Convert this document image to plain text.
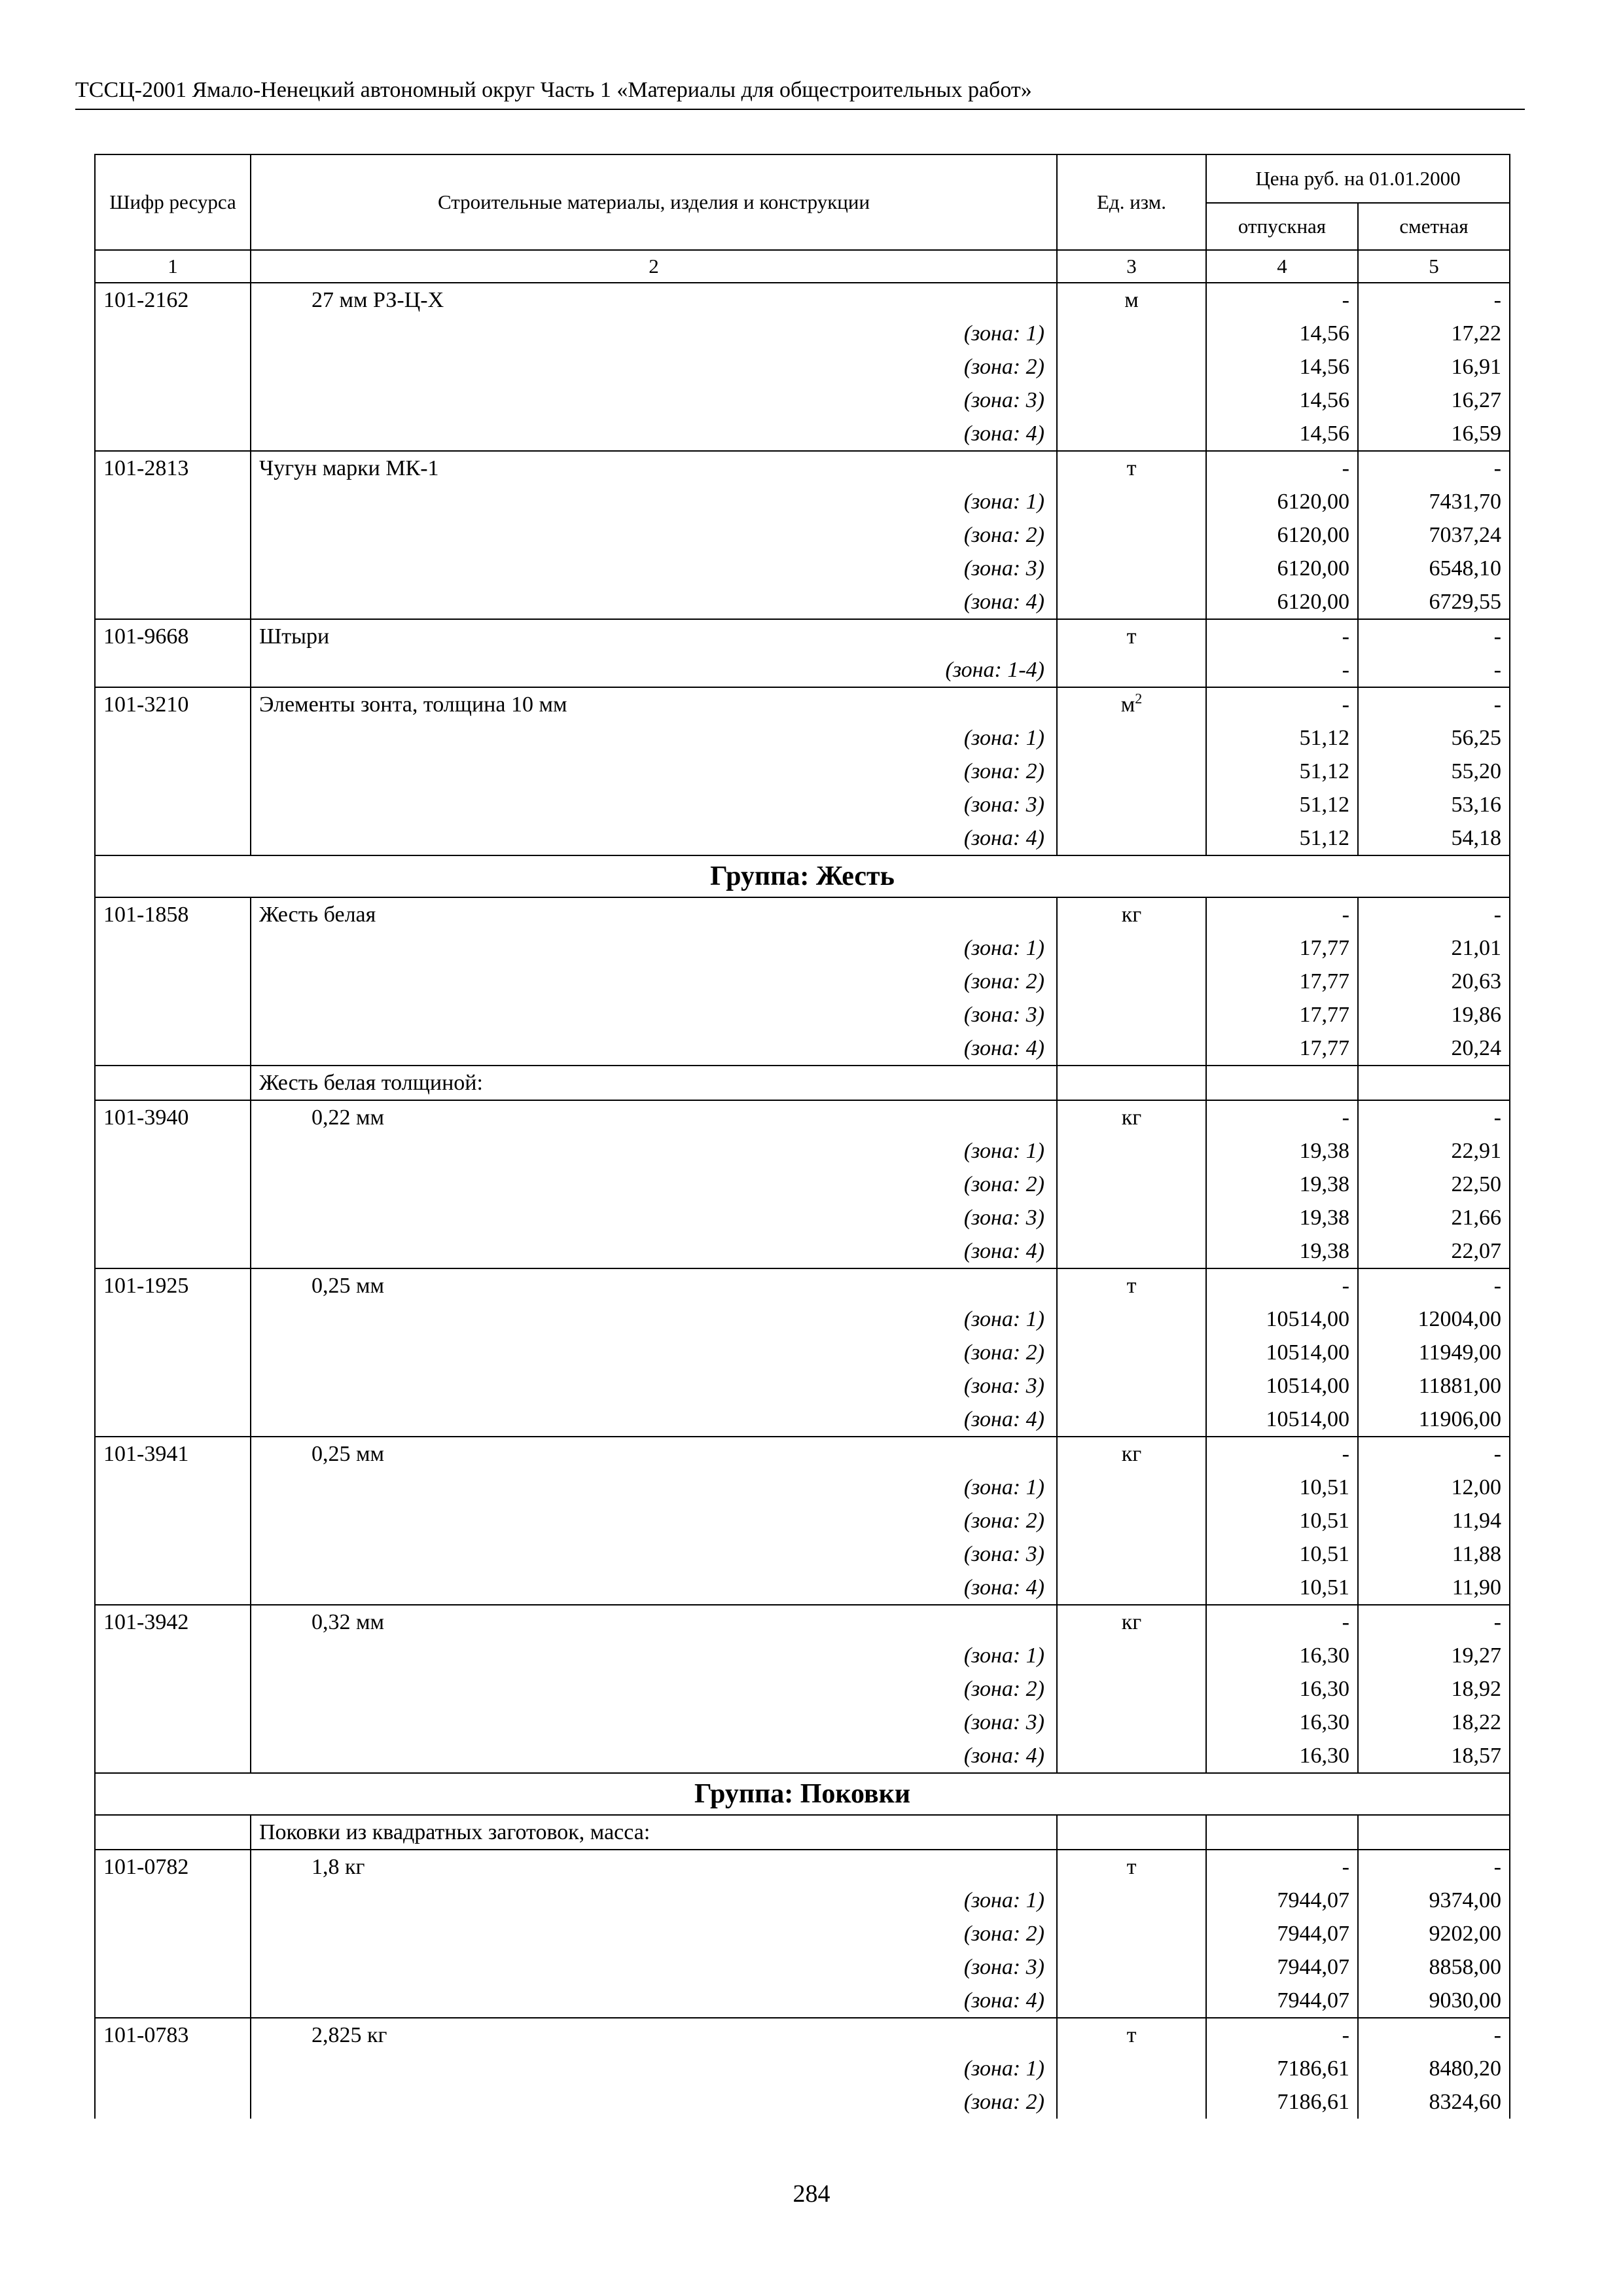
ТССЦ-2001 Ямало-Ненецкий автономный округ Часть 1 «Материалы для общестроительных работ»
Шифр ресурса	Строительные материалы, изделия и конструкции	Ед. изм.	Цена руб. на 01.01.2000	
			отпускная	сметная
1	2	3	4	5
101-2162	27 мм РЗ-Ц-Х	м	-	-
	(зона: 1)		14,56	17,22
	(зона: 2)		14,56	16,91
	(зона: 3)		14,56	16,27
	(зона: 4)		14,56	16,59
101-2813	Чугун марки МК-1	т	-	-
	(зона: 1)		6120,00	7431,70
	(зона: 2)		6120,00	7037,24
	(зона: 3)		6120,00	6548,10
	(зона: 4)		6120,00	6729,55
101-9668	Штыри	т	-	-
	(зона: 1-4)		-	-
101-3210	Элементы зонта, толщина 10 мм	$м^2$	-	-
	(зона: 1)		51,12	56,25
	(зона: 2)		51,12	55,20
	(зона: 3)		51,12	53,16
	(зона: 4)		51,12	54,18
Группа: Жесть				
101-1858	Жесть белая	кг	-	-
	(зона: 1)		17,77	21,01
	(зона: 2)		17,77	20,63
	(зона: 3)		17,77	19,86
	(зона: 4)		17,77	20,24
	Жесть белая толщиной:			
101-3940	0,22 мм	кг	-	-
	(зона: 1)		19,38	22,91
	(зона: 2)		19,38	22,50
	(зона: 3)		19,38	21,66
	(зона: 4)		19,38	22,07
101-1925	0,25 мм	т	-	-
	(зона: 1)		10514,00	12004,00
	(зона: 2)		10514,00	11949,00
	(зона: 3)		10514,00	11881,00
	(зона: 4)		10514,00	11906,00
101-3941	0,25 мм	кг	-	-
	(зона: 1)		10,51	12,00
	(зона: 2)		10,51	11,94
	(зона: 3)		10,51	11,88
	(зона: 4)		10,51	11,90
101-3942	0,32 мм	кг	-	-
	(зона: 1)		16,30	19,27
	(зона: 2)		16,30	18,92
	(зона: 3)		16,30	18,22
	(зона: 4)		16,30	18,57
Группа: Поковки				
	Поковки из квадратных заготовок, масса:			
101-0782	1,8 кг	т	-	-
	(зона: 1)		7944,07	9374,00
	(зона: 2)		7944,07	9202,00
	(зона: 3)		7944,07	8858,00
	(зона: 4)		7944,07	9030,00
101-0783	2,825 кг	т	-	-
	(зона: 1)		7186,61	8480,20
	(зона: 2)		7186,61	8324,60
284
